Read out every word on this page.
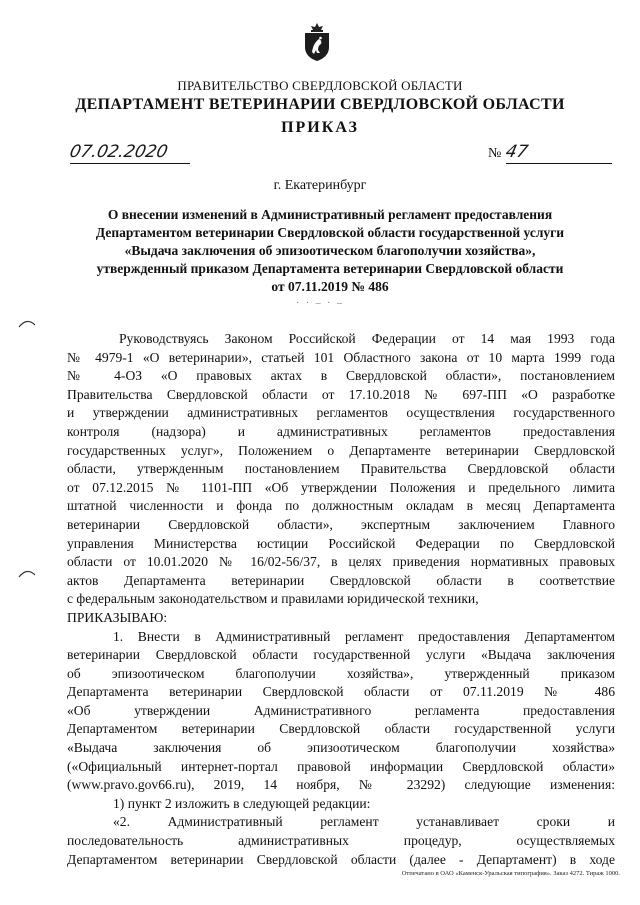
ПРАВИТЕЛЬСТВО СВЕРДЛОВСКОЙ ОБЛАСТИ
ДЕПАРТАМЕНТ ВЕТЕРИНАРИИ СВЕРДЛОВСКОЙ ОБЛАСТИ
ПРИКАЗ
07.02.2020	№ 47
г. Екатеринбург
О внесении изменений в Административный регламент предоставления
Департаментом ветеринарии Свердловской области государственной услуги
«Выдача заключения об эпизоотическом благополучии хозяйства»,
утвержденный приказом Департамента ветеринарии Свердловской области
от 07.11.2019 № 486
· · – · –
Руководствуясь Законом Российской Федерации от 14 мая 1993 года
№ 4979-1 «О ветеринарии», статьей 101 Областного закона от 10 марта 1999 года
№ 4-ОЗ «О правовых актах в Свердловской области», постановлением
Правительства Свердловской области от 17.10.2018 № 697-ПП «О разработке
и утверждении административных регламентов осуществления государственного
контроля (надзора) и административных регламентов предоставления
государственных услуг», Положением о Департаменте ветеринарии Свердловской
области, утвержденным постановлением Правительства Свердловской области
от 07.12.2015 № 1101-ПП «Об утверждении Положения и предельного лимита
штатной численности и фонда по должностным окладам в месяц Департамента
ветеринарии Свердловской области», экспертным заключением Главного
управления Министерства юстиции Российской Федерации по Свердловской
области от 10.01.2020 № 16/02-56/37, в целях приведения нормативных правовых
актов Департамента ветеринарии Свердловской области в соответствие
с федеральным законодательством и правилами юридической техники,
ПРИКАЗЫВАЮ:
1. Внести в Административный регламент предоставления Департаментом
ветеринарии Свердловской области государственной услуги «Выдача заключения
об эпизоотическом благополучии хозяйства», утвержденный приказом
Департамента ветеринарии Свердловской области от 07.11.2019 № 486
«Об утверждении Административного регламента предоставления
Департаментом ветеринарии Свердловской области государственной услуги
«Выдача заключения об эпизоотическом благополучии хозяйства»
(«Официальный интернет-портал правовой информации Свердловской области»
(www.pravo.gov66.ru), 2019, 14 ноября, № 23292) следующие изменения:
1) пункт 2 изложить в следующей редакции:
«2. Административный регламент устанавливает сроки и
последовательность административных процедур, осуществляемых
Департаментом ветеринарии Свердловской области (далее - Департамент) в ходе
Отпечатано в ОАО «Каменск-Уральская типография». Заказ 4272. Тираж 1000.
